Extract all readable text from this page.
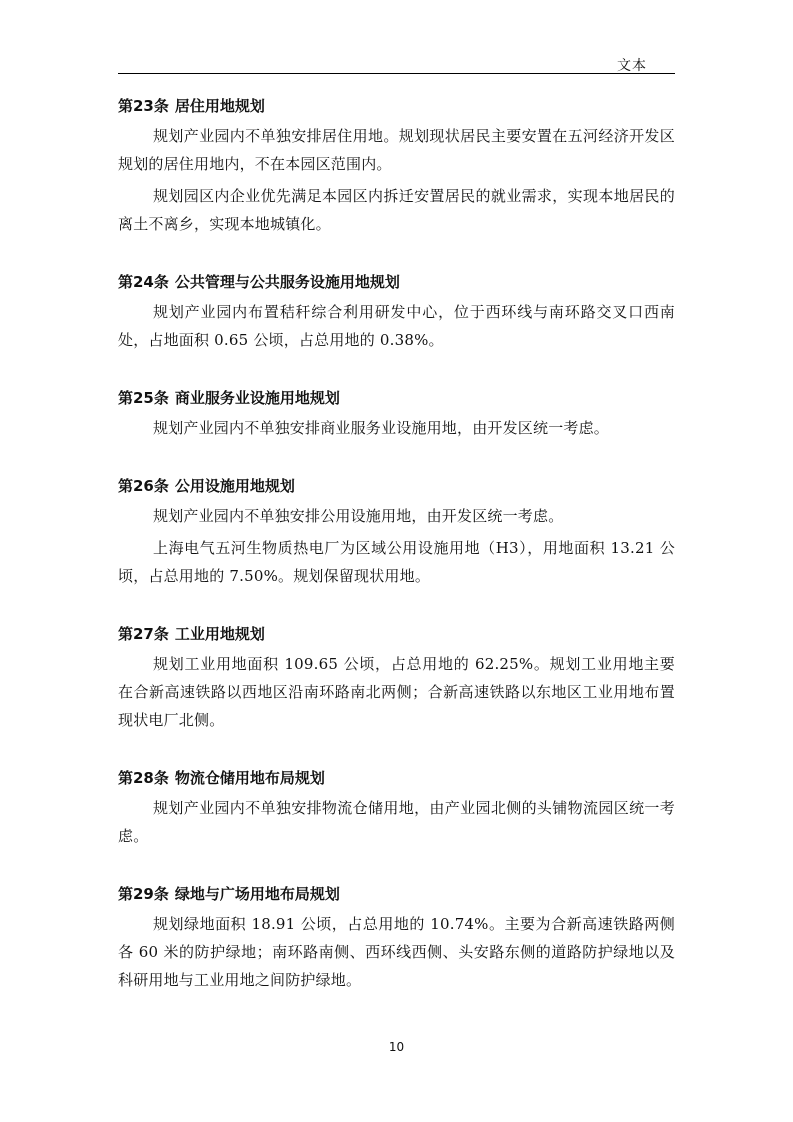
文本
第23条 居住用地规划

规划产业园内不单独安排居住用地。规划现状居民主要安置在五河经济开发区规划的居住用地内，不在本园区范围内。

规划园区内企业优先满足本园区内拆迁安置居民的就业需求，实现本地居民的离土不离乡，实现本地城镇化。

第24条 公共管理与公共服务设施用地规划

规划产业园内布置秸秆综合利用研发中心，位于西环线与南环路交叉口西南处，占地面积 0.65 公顷，占总用地的 0.38%。

第25条 商业服务业设施用地规划

规划产业园内不单独安排商业服务业设施用地，由开发区统一考虑。

第26条 公用设施用地规划

规划产业园内不单独安排公用设施用地，由开发区统一考虑。

上海电气五河生物质热电厂为区域公用设施用地（H3），用地面积 13.21 公顷，占总用地的 7.50%。规划保留现状用地。

第27条 工业用地规划

规划工业用地面积 109.65 公顷，占总用地的 62.25%。规划工业用地主要在合新高速铁路以西地区沿南环路南北两侧；合新高速铁路以东地区工业用地布置现状电厂北侧。

第28条 物流仓储用地布局规划

规划产业园内不单独安排物流仓储用地，由产业园北侧的头铺物流园区统一考虑。

第29条 绿地与广场用地布局规划

规划绿地面积 18.91 公顷，占总用地的 10.74%。主要为合新高速铁路两侧各 60 米的防护绿地；南环路南侧、西环线西侧、头安路东侧的道路防护绿地以及科研用地与工业用地之间防护绿地。

10
